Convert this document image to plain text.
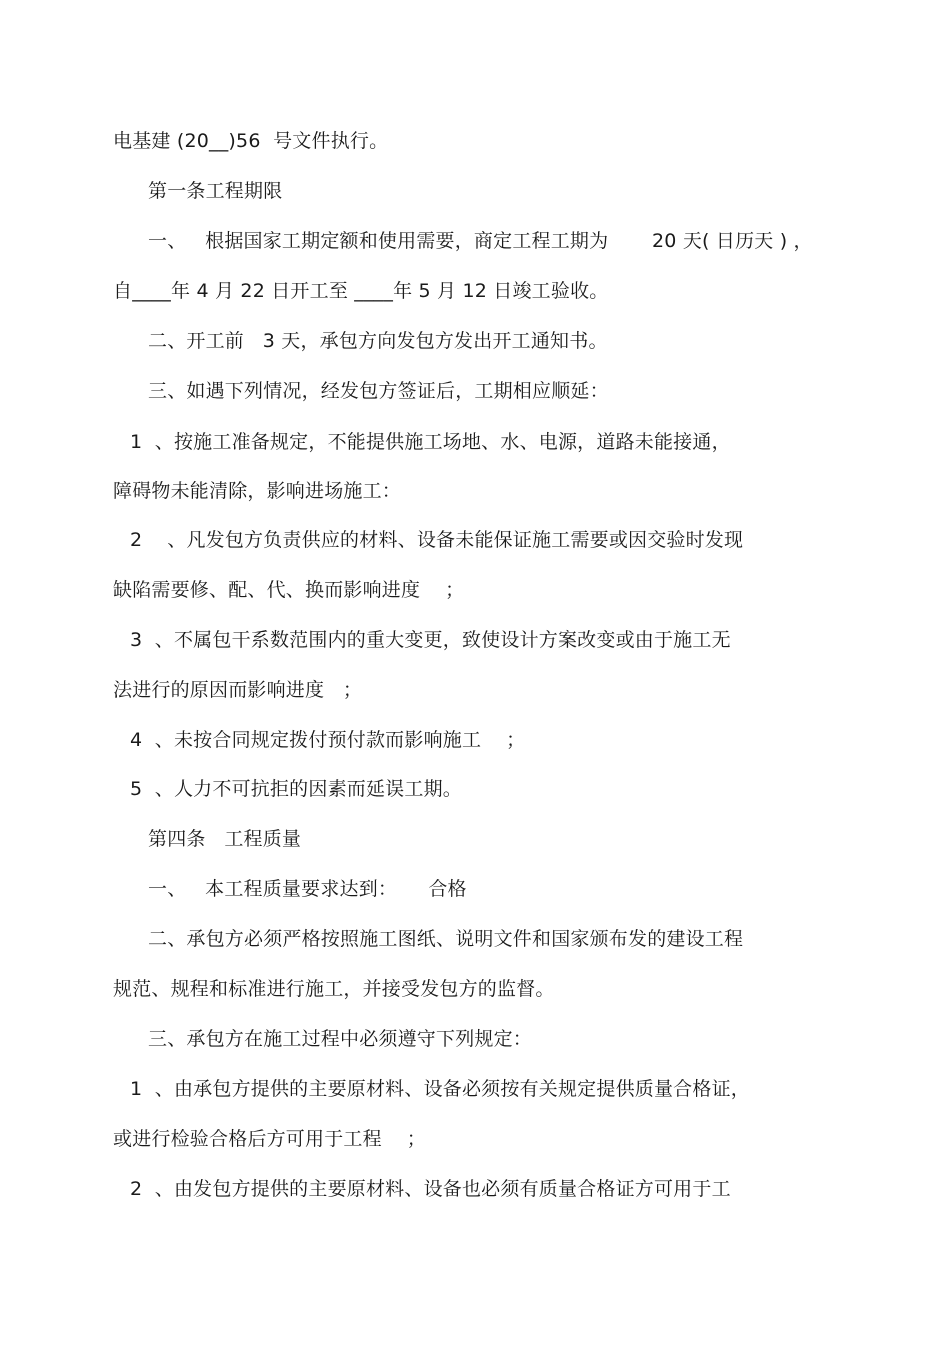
电基建 (20__)56  号文件执行。
第一条工程期限
一、   根据国家工期定额和使用需要，商定工程工期为       20 天( 日历天 ) ，
自____年 4 月 22 日开工至 ____年 5 月 12 日竣工验收。
二、开工前   3 天，承包方向发包方发出开工通知书。
三、如遇下列情况，经发包方签证后，工期相应顺延：
1  、按施工准备规定，不能提供施工场地、水、电源，道路未能接通，
障碍物未能清除，影响进场施工：
2    、凡发包方负责供应的材料、设备未能保证施工需要或因交验时发现
缺陷需要修、配、代、换而影响进度    ；
3  、不属包干系数范围内的重大变更，致使设计方案改变或由于施工无
法进行的原因而影响进度   ；
4  、未按合同规定拨付预付款而影响施工    ；
5  、人力不可抗拒的因素而延误工期。
第四条   工程质量
一、   本工程质量要求达到：     合格
二、承包方必须严格按照施工图纸、说明文件和国家颁布发的建设工程
规范、规程和标准进行施工，并接受发包方的监督。
三、承包方在施工过程中必须遵守下列规定：
1  、由承包方提供的主要原材料、设备必须按有关规定提供质量合格证，
或进行检验合格后方可用于工程    ；
2  、由发包方提供的主要原材料、设备也必须有质量合格证方可用于工
